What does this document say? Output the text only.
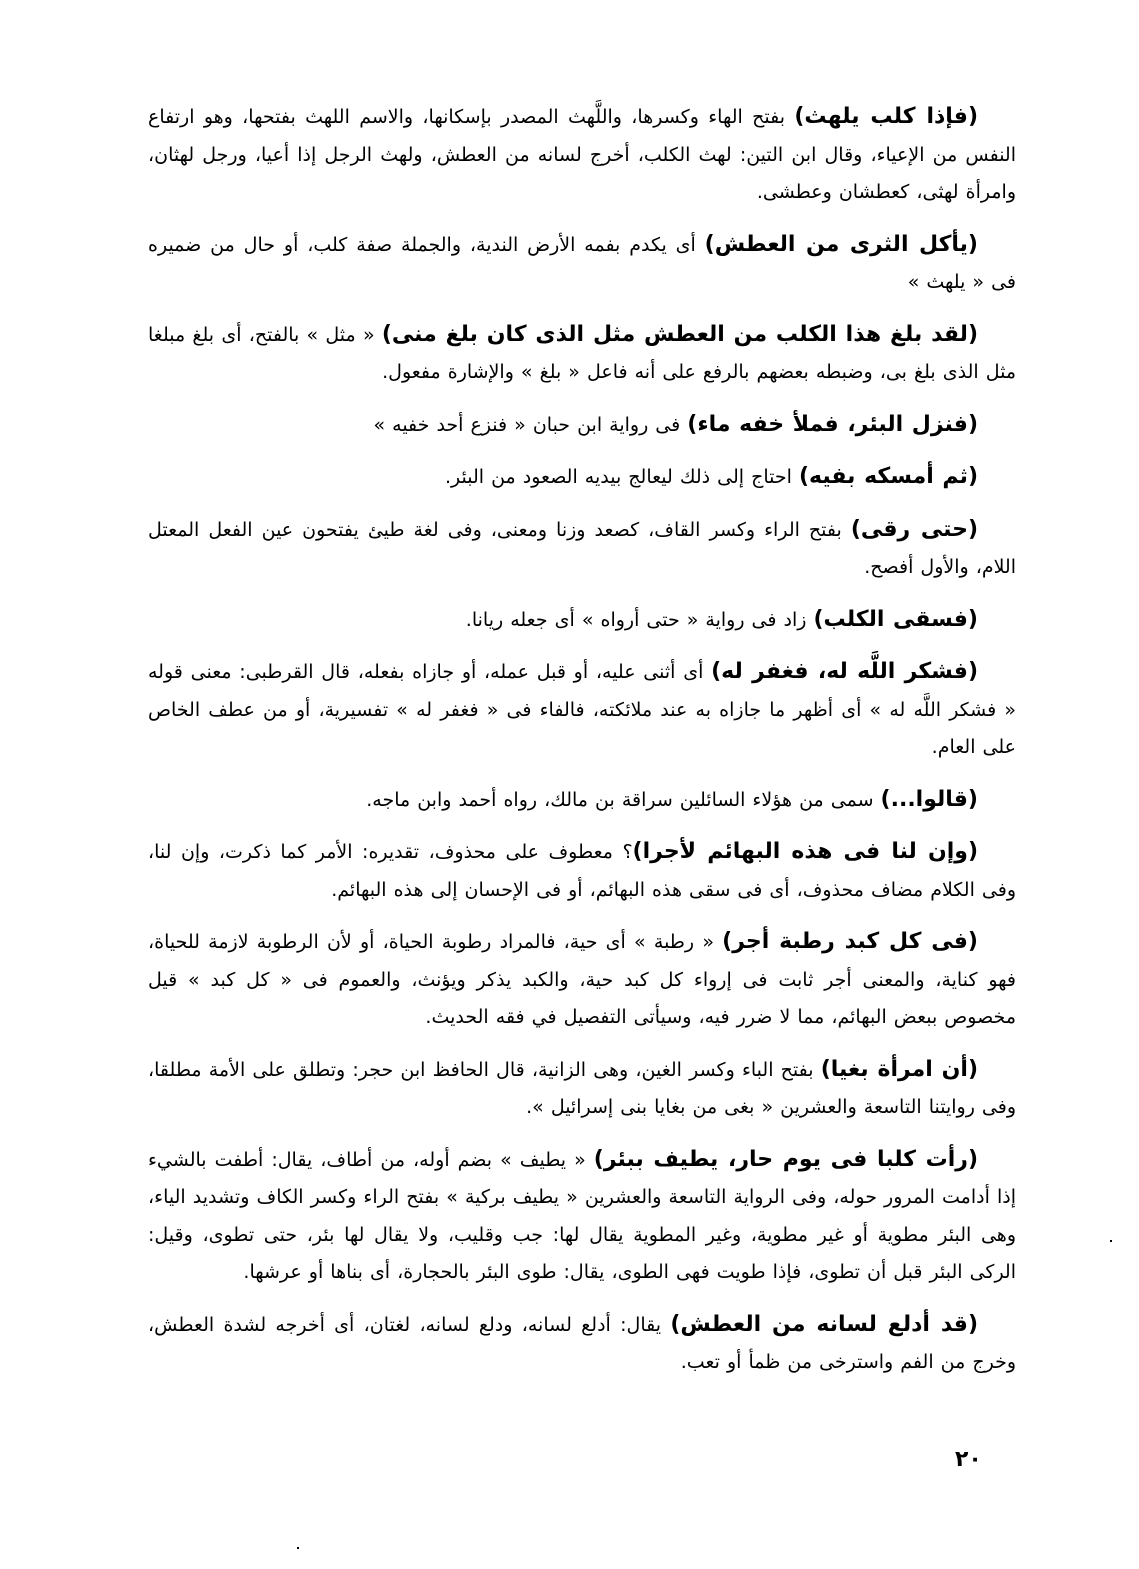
(فإذا كلب يلهث) بفتح الهاء وكسرها، واللَّهث المصدر بإسكانها، والاسم اللهث بفتحها، وهو ارتفاع النفس من الإعياء، وقال ابن التين: لهث الكلب، أخرج لسانه من العطش، ولهث الرجل إذا أعيا، ورجل لهثان، وامرأة لهثى، كعطشان وعطشى.

(يأكل الثرى من العطش) أى يكدم بفمه الأرض الندية، والجملة صفة كلب، أو حال من ضميره فى « يلهث »

(لقد بلغ هذا الكلب من العطش مثل الذى كان بلغ منى) « مثل » بالفتح، أى بلغ مبلغا مثل الذى بلغ بى، وضبطه بعضهم بالرفع على أنه فاعل « بلغ » والإشارة مفعول.

(فنزل البئر، فملأ خفه ماء) فى رواية ابن حبان « فنزع أحد خفيه »

(ثم أمسكه بفيه) احتاج إلى ذلك ليعالج بيديه الصعود من البئر.

(حتى رقى) بفتح الراء وكسر القاف، كصعد وزنا ومعنى، وفى لغة طيئ يفتحون عين الفعل المعتل اللام، والأول أفصح.

(فسقى الكلب) زاد فى رواية « حتى أرواه » أى جعله ريانا.

(فشكر اللَّه له، فغفر له) أى أثنى عليه، أو قبل عمله، أو جازاه بفعله، قال القرطبى: معنى قوله « فشكر اللَّه له » أى أظهر ما جازاه به عند ملائكته، فالفاء فى « فغفر له » تفسيرية، أو من عطف الخاص على العام.

(قالوا...) سمى من هؤلاء السائلين سراقة بن مالك، رواه أحمد وابن ماجه.

(وإن لنا فى هذه البهائم لأجرا)؟ معطوف على محذوف، تقديره: الأمر كما ذكرت، وإن لنا، وفى الكلام مضاف محذوف، أى فى سقى هذه البهائم، أو فى الإحسان إلى هذه البهائم.

(فى كل كبد رطبة أجر) « رطبة » أى حية، فالمراد رطوبة الحياة، أو لأن الرطوبة لازمة للحياة، فهو كناية، والمعنى أجر ثابت فى إرواء كل كبد حية، والكبد يذكر ويؤنث، والعموم فى « كل كبد » قيل مخصوص ببعض البهائم، مما لا ضرر فيه، وسيأتى التفصيل في فقه الحديث.

(أن امرأة بغيا) بفتح الباء وكسر الغين، وهى الزانية، قال الحافظ ابن حجر: وتطلق على الأمة مطلقا، وفى روايتنا التاسعة والعشرين « بغى من بغايا بنى إسرائيل ».

(رأت كلبا فى يوم حار، يطيف ببئر) « يطيف » بضم أوله، من أطاف، يقال: أطفت بالشيء إذا أدامت المرور حوله، وفى الرواية التاسعة والعشرين « يطيف بركية » بفتح الراء وكسر الكاف وتشديد الياء، وهى البئر مطوية أو غير مطوية، وغير المطوية يقال لها: جب وقليب، ولا يقال لها بئر، حتى تطوى، وقيل: الركى البئر قبل أن تطوى، فإذا طويت فهى الطوى، يقال: طوى البئر بالحجارة، أى بناها أو عرشها.

(قد أدلع لسانه من العطش) يقال: أدلع لسانه، ودلع لسانه، لغتان، أى أخرجه لشدة العطش، وخرج من الفم واسترخى من ظمأ أو تعب.

٢٠
